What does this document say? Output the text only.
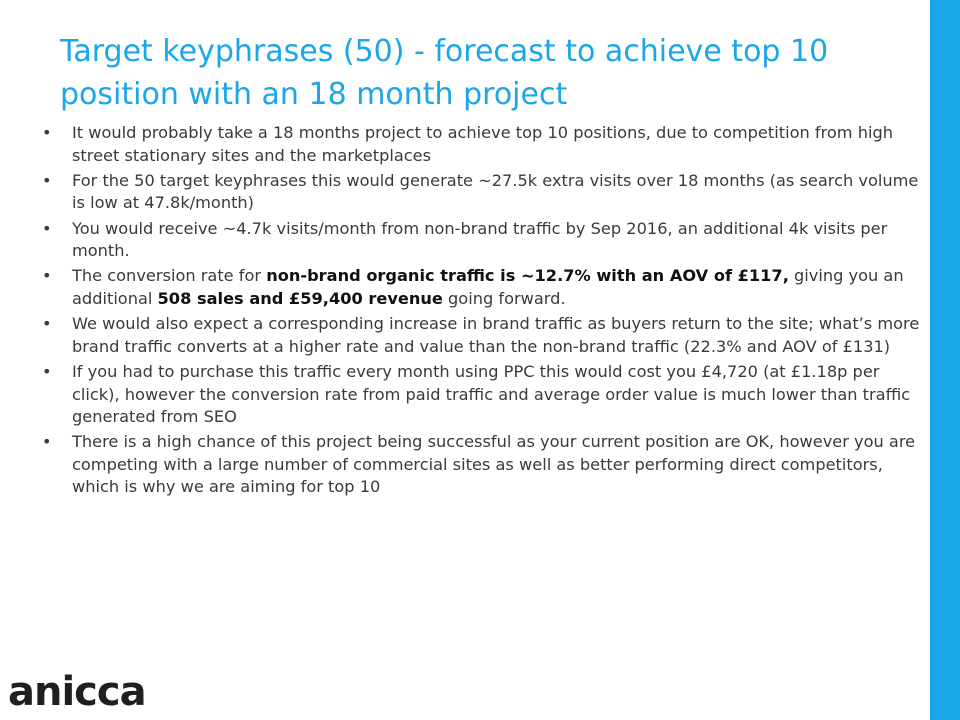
Target keyphrases (50) - forecast to achieve top 10 position with an 18 month project
• It would probably take a 18 months project to achieve top 10 positions, due to competition from high street stationary sites and the marketplaces
• For the 50 target keyphrases this would generate ~27.5k extra visits over 18 months (as search volume is low at 47.8k/month)
• You would receive ~4.7k visits/month from non-brand traffic by Sep 2016, an additional 4k visits per month.
• The conversion rate for non-brand organic traffic is ~12.7% with an AOV of £117, giving you an additional 508 sales and £59,400 revenue going forward.
• We would also expect a corresponding increase in brand traffic as buyers return to the site; what’s more brand traffic converts at a higher rate and value than the non-brand traffic (22.3% and AOV of £131)
• If you had to purchase this traffic every month using PPC this would cost you £4,720 (at £1.18p per click), however the conversion rate from paid traffic and average order value is much lower than traffic generated from SEO
• There is a high chance of this project being successful as your current position are OK, however you are competing with a large number of commercial sites as well as better performing direct competitors, which is why we are aiming for top 10
anicca
